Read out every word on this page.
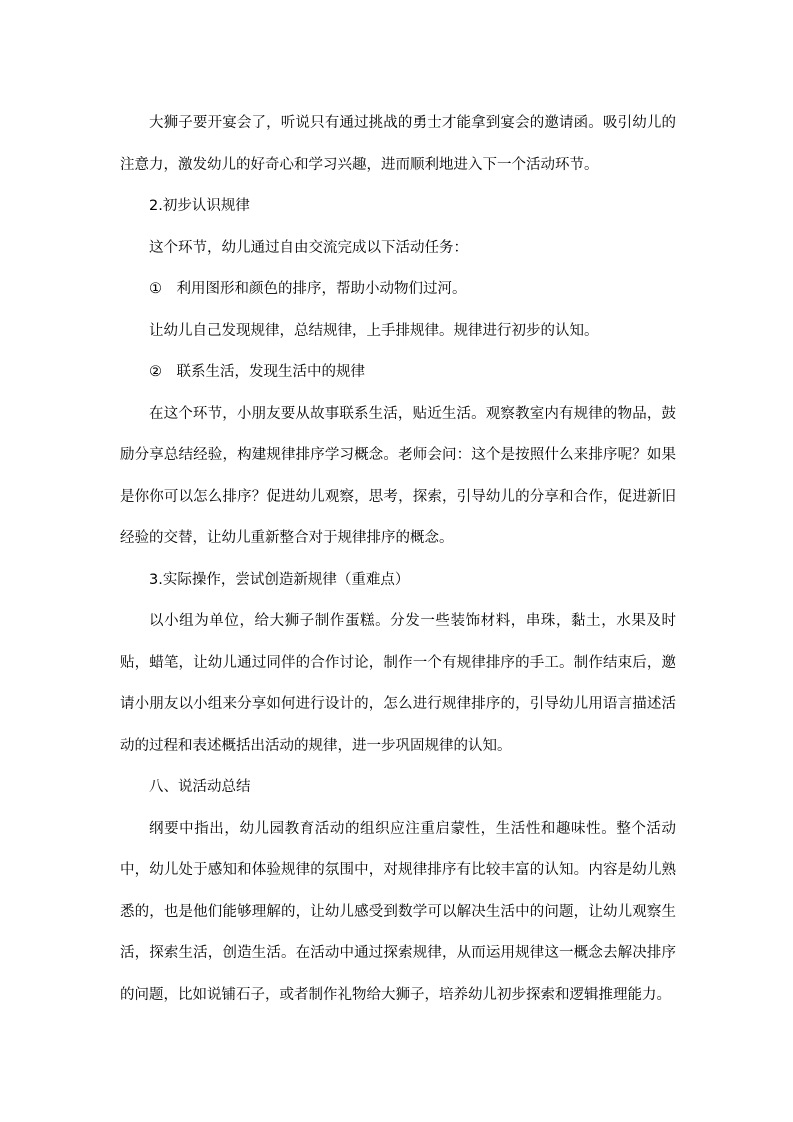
大狮子要开宴会了，听说只有通过挑战的勇士才能拿到宴会的邀请函。吸引幼儿的注意力，激发幼儿的好奇心和学习兴趣，进而顺利地进入下一个活动环节。

2.初步认识规律

这个环节，幼儿通过自由交流完成以下活动任务：

①　利用图形和颜色的排序，帮助小动物们过河。

让幼儿自己发现规律，总结规律，上手排规律。规律进行初步的认知。

②　联系生活，发现生活中的规律

在这个环节，小朋友要从故事联系生活，贴近生活。观察教室内有规律的物品，鼓励分享总结经验，构建规律排序学习概念。老师会问：这个是按照什么来排序呢？如果是你你可以怎么排序？促进幼儿观察，思考，探索，引导幼儿的分享和合作，促进新旧经验的交替，让幼儿重新整合对于规律排序的概念。

3.实际操作，尝试创造新规律（重难点）

以小组为单位，给大狮子制作蛋糕。分发一些装饰材料，串珠，黏土，水果及时贴，蜡笔，让幼儿通过同伴的合作讨论，制作一个有规律排序的手工。制作结束后，邀请小朋友以小组来分享如何进行设计的，怎么进行规律排序的，引导幼儿用语言描述活动的过程和表述概括出活动的规律，进一步巩固规律的认知。

八、说活动总结

纲要中指出，幼儿园教育活动的组织应注重启蒙性，生活性和趣味性。整个活动中，幼儿处于感知和体验规律的氛围中，对规律排序有比较丰富的认知。内容是幼儿熟悉的，也是他们能够理解的，让幼儿感受到数学可以解决生活中的问题，让幼儿观察生活，探索生活，创造生活。在活动中通过探索规律，从而运用规律这一概念去解决排序的问题，比如说铺石子，或者制作礼物给大狮子，培养幼儿初步探索和逻辑推理能力。
